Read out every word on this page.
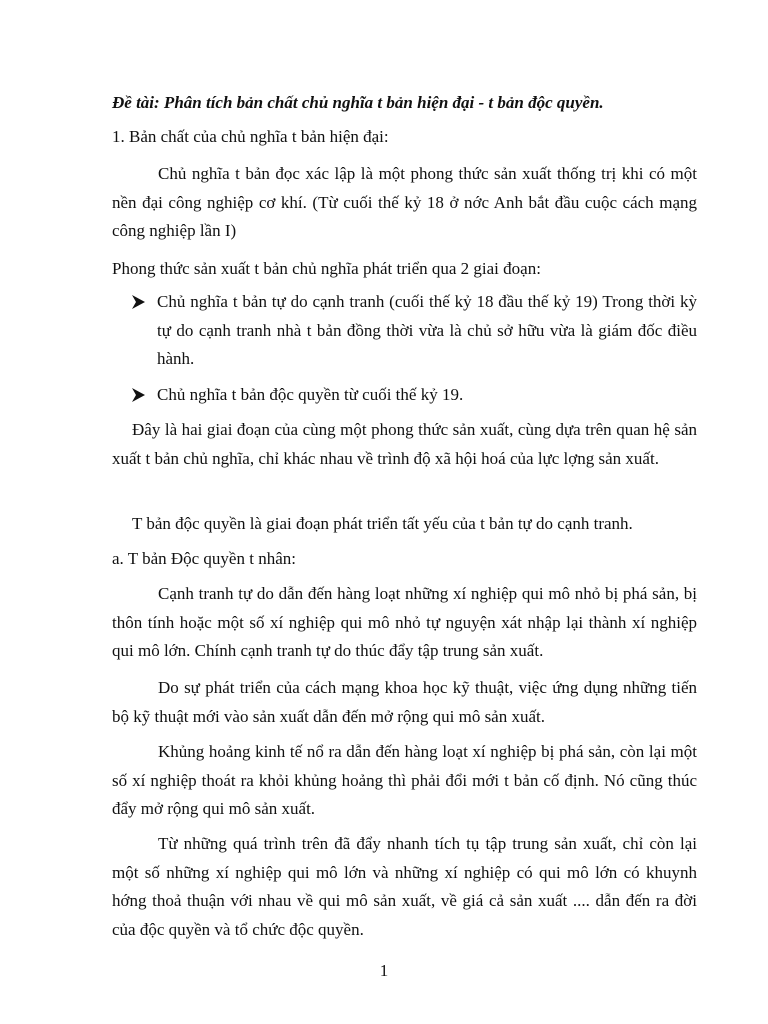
Đề tài: Phân tích bản chất chủ nghĩa t bản hiện đại - t bản độc quyền.
1. Bản chất của chủ nghĩa t bản hiện đại:

Chủ nghĩa t bản đọc xác lập là một phong thức sản xuất thống trị khi có một nền đại công nghiệp cơ khí. (Từ cuối thế kỷ 18 ở nớc Anh bắt đầu cuộc cách mạng công nghiệp lần I)

Phong thức sản xuất t bản chủ nghĩa phát triển qua 2 giai đoạn:

Chủ nghĩa t bản tự do cạnh tranh (cuối thế kỷ 18 đầu thế kỷ 19) Trong thời kỳ tự do cạnh tranh nhà t bản đồng thời vừa là chủ sở hữu vừa là giám đốc điều hành.
Chủ nghĩa t bản độc quyền từ cuối thế kỷ 19.

Đây là hai giai đoạn của cùng một phong thức sản xuất, cùng dựa trên quan hệ sản xuất t bản chủ nghĩa, chỉ khác nhau về trình độ xã hội hoá của lực lợng sản xuất.

T bản độc quyền là giai đoạn phát triển tất yếu của t bản tự do cạnh tranh.

a. T bản Độc quyền t nhân:

Cạnh tranh tự do dẫn đến hàng loạt những xí nghiệp qui mô nhỏ bị phá sản, bị thôn tính hoặc một số xí nghiệp qui mô nhỏ tự nguyện xát nhập lại thành xí nghiệp qui mô lớn. Chính cạnh tranh tự do thúc đẩy tập trung sản xuất.

Do sự phát triển của cách mạng khoa học kỹ thuật, việc ứng dụng những tiến bộ kỹ thuật mới vào sản xuất dẫn đến mở rộng qui mô sản xuất.

Khủng hoảng kinh tế nổ ra dẫn đến hàng loạt xí nghiệp bị phá sản, còn lại một số xí nghiệp thoát ra khỏi khủng hoảng thì phải đổi mới t bản cố định. Nó cũng thúc đẩy mở rộng qui mô sản xuất.

Từ những quá trình trên đã đẩy nhanh tích tụ tập trung sản xuất, chỉ còn lại một số những xí nghiệp qui mô lớn và những xí nghiệp có qui mô lớn có khuynh hớng thoả thuận với nhau về qui mô sản xuất, về giá cả sản xuất .... dẫn đến ra đời của độc quyền và tổ chức độc quyền.

1
